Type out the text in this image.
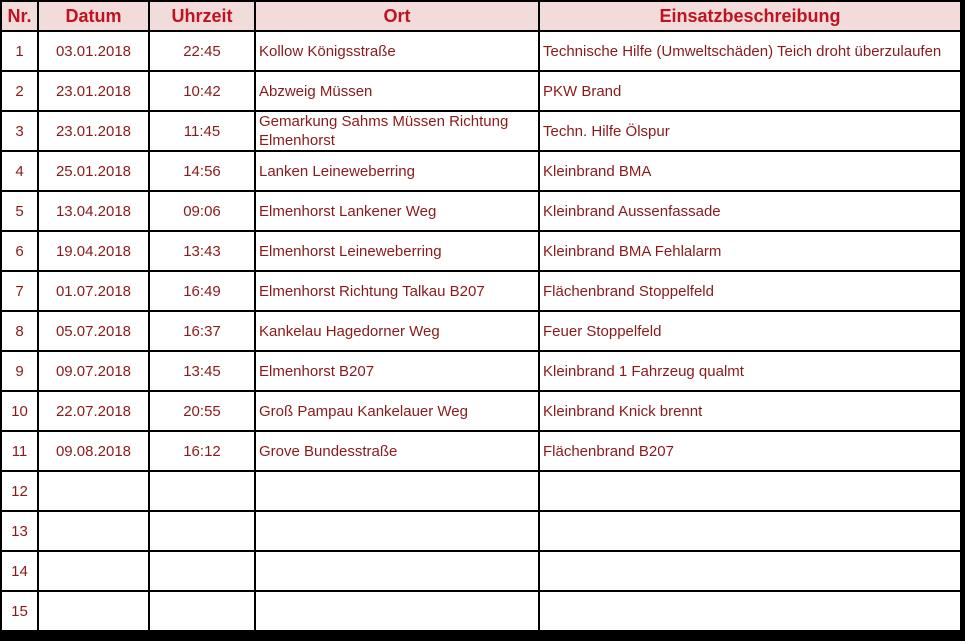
Nr.	Datum	Uhrzeit	Ort	Einsatzbeschreibung
1	03.01.2018	22:45	Kollow Königsstraße	Technische Hilfe (Umweltschäden) Teich droht überzulaufen
2	23.01.2018	10:42	Abzweig Müssen	PKW Brand
3	23.01.2018	11:45	Gemarkung Sahms Müssen Richtung Elmenhorst	Techn. Hilfe Ölspur
4	25.01.2018	14:56	Lanken Leineweberring	Kleinbrand BMA
5	13.04.2018	09:06	Elmenhorst Lankener Weg	Kleinbrand Aussenfassade
6	19.04.2018	13:43	Elmenhorst Leineweberring	Kleinbrand BMA Fehlalarm
7	01.07.2018	16:49	Elmenhorst Richtung Talkau B207	Flächenbrand Stoppelfeld
8	05.07.2018	16:37	Kankelau Hagedorner Weg	Feuer Stoppelfeld
9	09.07.2018	13:45	Elmenhorst B207	Kleinbrand 1 Fahrzeug qualmt
10	22.07.2018	20:55	Groß Pampau Kankelauer Weg	Kleinbrand Knick brennt
11	09.08.2018	16:12	Grove Bundesstraße	Flächenbrand B207
12				
13				
14				
15				
